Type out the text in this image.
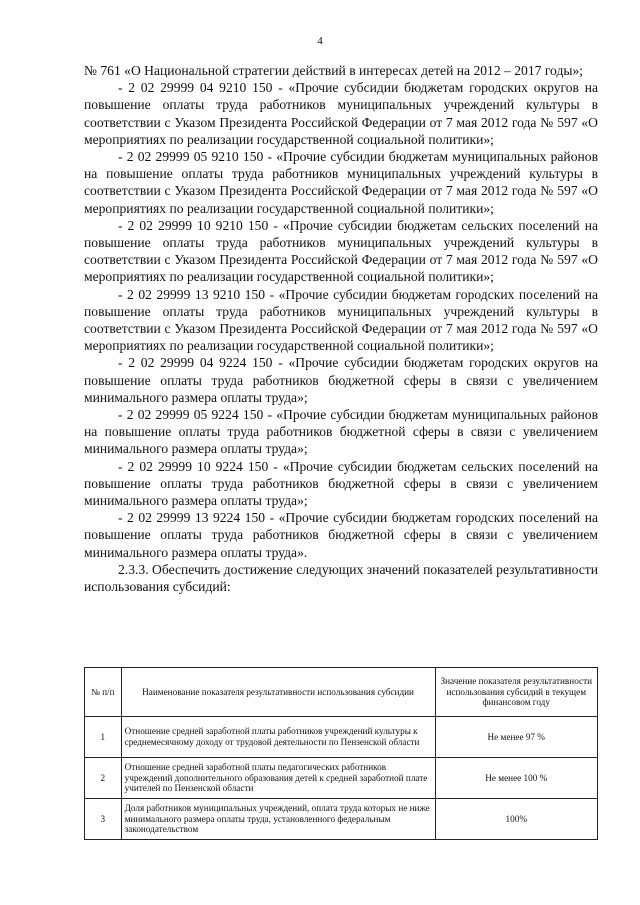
4

№ 761 «О Национальной стратегии действий в интересах детей на 2012 – 2017 годы»;

- 2 02 29999 04 9210 150 - «Прочие субсидии бюджетам городских округов на повышение оплаты труда работников муниципальных учреждений культуры в соответствии с Указом Президента Российской Федерации от 7 мая 2012 года № 597 «О мероприятиях по реализации государственной социальной политики»;

- 2 02 29999 05 9210 150 - «Прочие субсидии бюджетам муниципальных районов на повышение оплаты труда работников муниципальных учреждений культуры в соответствии с Указом Президента Российской Федерации от 7 мая 2012 года № 597 «О мероприятиях по реализации государственной социальной политики»;

- 2 02 29999 10 9210 150 - «Прочие субсидии бюджетам сельских поселений на повышение оплаты труда работников муниципальных учреждений культуры в соответствии с Указом Президента Российской Федерации от 7 мая 2012 года № 597 «О мероприятиях по реализации государственной социальной политики»;

- 2 02 29999 13 9210 150 - «Прочие субсидии бюджетам городских поселений на повышение оплаты труда работников муниципальных учреждений культуры в соответствии с Указом Президента Российской Федерации от 7 мая 2012 года № 597 «О мероприятиях по реализации государственной социальной политики»;

- 2 02 29999 04 9224 150 - «Прочие субсидии бюджетам городских округов на повышение оплаты труда работников бюджетной сферы в связи с увеличением минимального размера оплаты труда»;

- 2 02 29999 05 9224 150 - «Прочие субсидии бюджетам муниципальных районов на повышение оплаты труда работников бюджетной сферы в связи с увеличением минимального размера оплаты труда»;

- 2 02 29999 10 9224 150 - «Прочие субсидии бюджетам сельских поселений на повышение оплаты труда работников бюджетной сферы в связи с увеличением минимального размера оплаты труда»;

- 2 02 29999 13 9224 150 - «Прочие субсидии бюджетам городских поселений на повышение оплаты труда работников бюджетной сферы в связи с увеличением минимального размера оплаты труда».

2.3.3. Обеспечить достижение следующих значений показателей результативности использования субсидий:

№ п/п	Наименование показателя результативности использования субсидии	Значение показателя результативности использования субсидий в текущем финансовом году
1	Отношение средней заработной платы работников учреждений культуры к среднемесячному доходу от трудовой деятельности по Пензенской области	Не менее 97 %
2	Отношение средней заработной платы педагогических работников учреждений дополнительного образования детей к средней заработной плате учителей по Пензенской области	Не менее 100 %
3	Доля работников муниципальных учреждений, оплата труда которых не ниже минимального размера оплаты труда, установленного федеральным законодательством	100%
